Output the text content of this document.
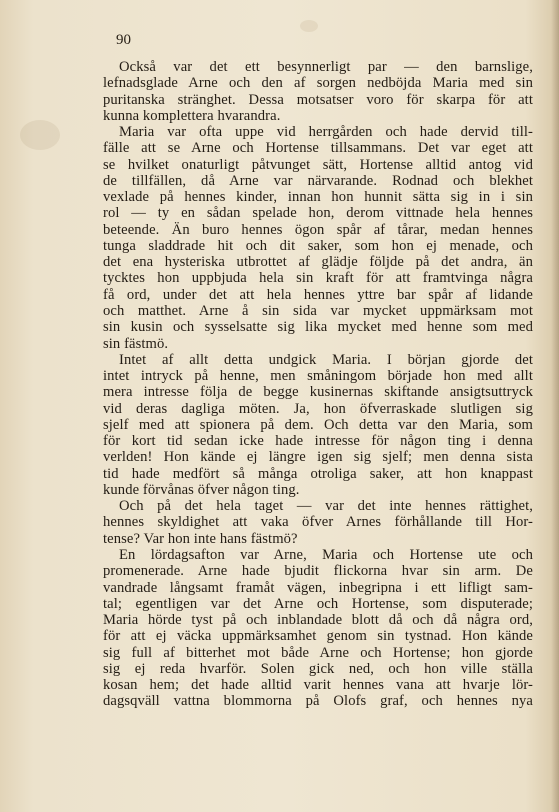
90
Också var det ett besynnerligt par — den barnslige,
lefnadsglade Arne och den af sorgen nedböjda Maria med sin
puritanska stränghet. Dessa motsatser voro för skarpa för att
kunna komplettera hvarandra.
Maria var ofta uppe vid herrgården och hade dervid till-
fälle att se Arne och Hortense tillsammans. Det var eget att
se hvilket onaturligt påtvunget sätt, Hortense alltid antog vid
de tillfällen, då Arne var närvarande. Rodnad och blekhet
vexlade på hennes kinder, innan hon hunnit sätta sig in i sin
rol — ty en sådan spelade hon, derom vittnade hela hennes
beteende. Än buro hennes ögon spår af tårar, medan hennes
tunga sladdrade hit och dit saker, som hon ej menade, och
det ena hysteriska utbrottet af glädje följde på det andra, än
tycktes hon uppbjuda hela sin kraft för att framtvinga några
få ord, under det att hela hennes yttre bar spår af lidande
och matthet. Arne å sin sida var mycket uppmärksam mot
sin kusin och sysselsatte sig lika mycket med henne som med
sin fästmö.
Intet af allt detta undgick Maria. I början gjorde det
intet intryck på henne, men småningom började hon med allt
mera intresse följa de begge kusinernas skiftande ansigtsuttryck
vid deras dagliga möten. Ja, hon öfverraskade slutligen sig
sjelf med att spionera på dem. Och detta var den Maria, som
för kort tid sedan icke hade intresse för någon ting i denna
verlden! Hon kände ej längre igen sig sjelf; men denna sista
tid hade medfört så många otroliga saker, att hon knappast
kunde förvånas öfver någon ting.
Och på det hela taget — var det inte hennes rättighet,
hennes skyldighet att vaka öfver Arnes förhållande till Hor-
tense? Var hon inte hans fästmö?
En lördagsafton var Arne, Maria och Hortense ute och
promenerade. Arne hade bjudit flickorna hvar sin arm. De
vandrade långsamt framåt vägen, inbegripna i ett lifligt sam-
tal; egentligen var det Arne och Hortense, som disputerade;
Maria hörde tyst på och inblandade blott då och då några ord,
för att ej väcka uppmärksamhet genom sin tystnad. Hon kände
sig full af bitterhet mot både Arne och Hortense; hon gjorde
sig ej reda hvarför. Solen gick ned, och hon ville ställa
kosan hem; det hade alltid varit hennes vana att hvarje lör-
dagsqväll vattna blommorna på Olofs graf, och hennes nya
